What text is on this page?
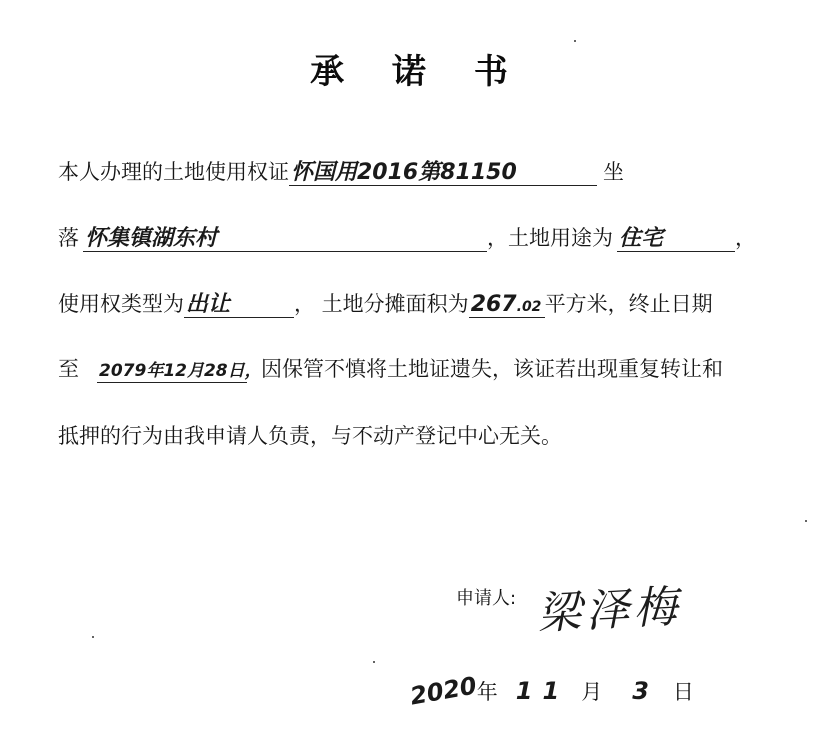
承 诺 书
本人办理的土地使用权证怀国用2016第81150	坐
落 怀集镇湖东村	，土地用途为 住宅	，
使用权类型为出让	， 土地分摊面积为267.02 平方米，终止日期
至 2079年12月28日，因保管不慎将土地证遗失，该证若出现重复转让和
抵押的行为由我申请人负责，与不动产登记中心无关。
申请人: 梁泽梅
2020年 11 月 3 日
